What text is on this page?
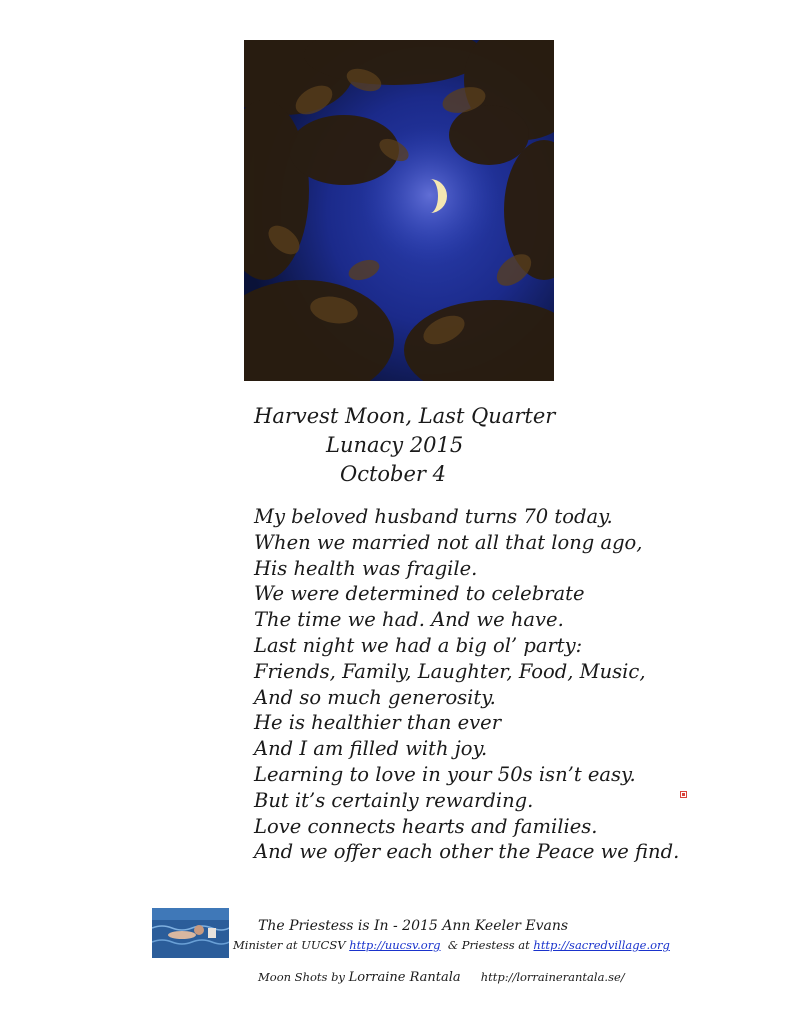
Harvest Moon, Last Quarter
Lunacy 2015
October 4
My beloved husband turns 70 today.
When we married not all that long ago,
His health was fragile.
We were determined to celebrate
The time we had. And we have.
Last night we had a big ol’ party:
Friends, Family, Laughter, Food, Music,
And so much generosity.
He is healthier than ever
And I am filled with joy.
Learning to love in your 50s isn’t easy.
But it’s certainly rewarding.
Love connects hearts and families.
And we offer each other the Peace we find.
The Priestess is In - 2015 Ann Keeler Evans
Minister at UUCSV http://uucsv.org  & Priestess at http://sacredvillage.org
Moon Shots by Lorraine Rantala http://lorrainerantala.se/
